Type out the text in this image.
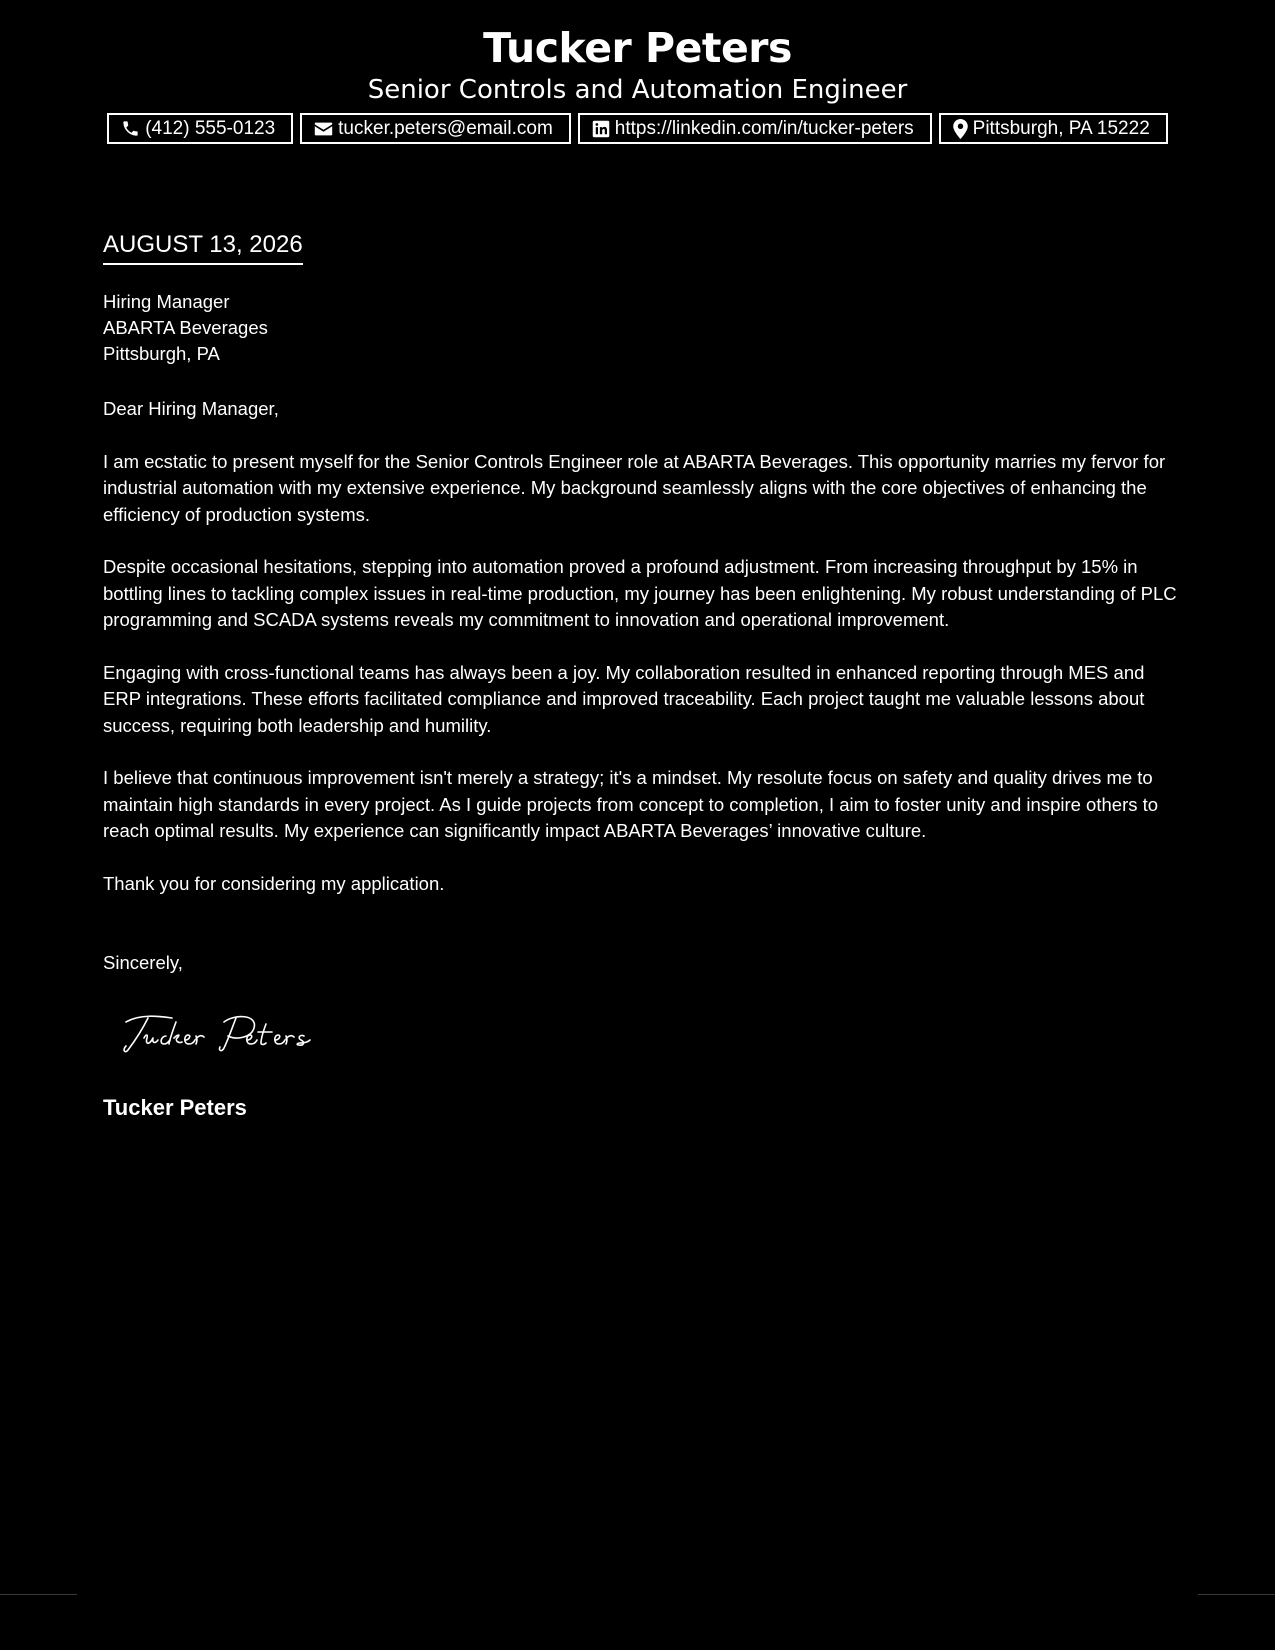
Tucker Peters
Senior Controls and Automation Engineer
(412) 555-0123	tucker.peters@email.com	https://linkedin.com/in/tucker-peters	Pittsburgh, PA 15222
AUGUST 13, 2026
Hiring Manager
ABARTA Beverages
Pittsburgh, PA

Dear Hiring Manager,

I am ecstatic to present myself for the Senior Controls Engineer role at ABARTA Beverages. This opportunity marries my fervor for industrial automation with my extensive experience. My background seamlessly aligns with the core objectives of enhancing the efficiency of production systems.

Despite occasional hesitations, stepping into automation proved a profound adjustment. From increasing throughput by 15% in bottling lines to tackling complex issues in real-time production, my journey has been enlightening. My robust understanding of PLC programming and SCADA systems reveals my commitment to innovation and operational improvement.

Engaging with cross-functional teams has always been a joy. My collaboration resulted in enhanced reporting through MES and ERP integrations. These efforts facilitated compliance and improved traceability. Each project taught me valuable lessons about success, requiring both leadership and humility.

I believe that continuous improvement isn't merely a strategy; it's a mindset. My resolute focus on safety and quality drives me to maintain high standards in every project. As I guide projects from concept to completion, I aim to foster unity and inspire others to reach optimal results. My experience can significantly impact ABARTA Beverages’ innovative culture.

Thank you for considering my application.

Sincerely,
Tucker Peters
